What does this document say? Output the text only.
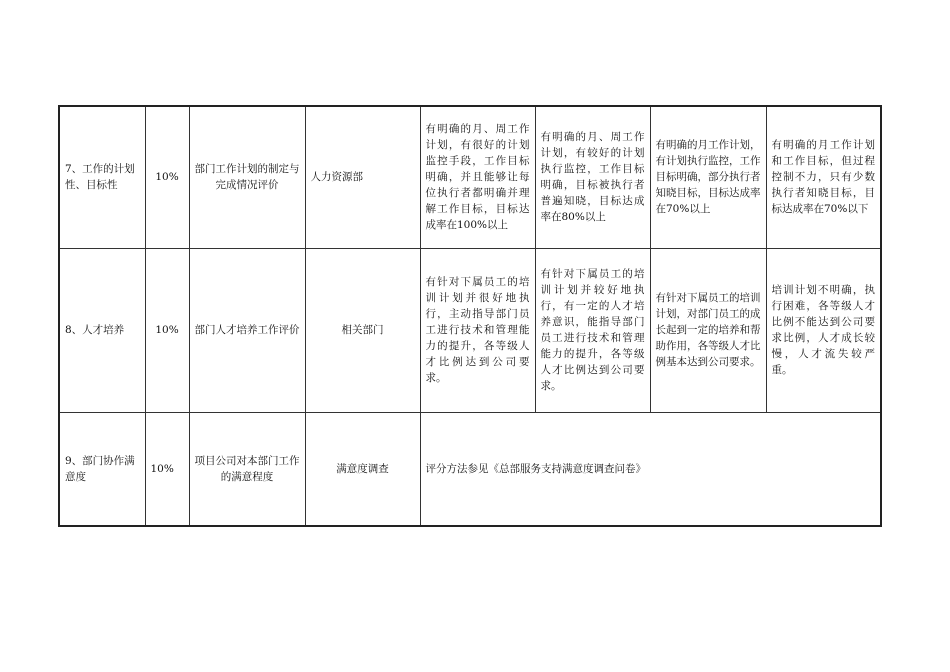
7、工作的计划性、目标性	10%	部门工作计划的制定与完成情况评价	人力资源部	有明确的月、周工作计划，有很好的计划监控手段，工作目标明确，并且能够让每位执行者都明确并理解工作目标，目标达成率在100%以上	有明确的月、周工作计划，有较好的计划执行监控，工作目标明确，目标被执行者普遍知晓，目标达成率在80%以上	有明确的月工作计划，有计划执行监控，工作目标明确，部分执行者知晓目标，目标达成率在70%以上	有明确的月工作计划和工作目标，但过程控制不力，只有少数执行者知晓目标，目标达成率在70%以下
8、人才培养	10%	部门人才培养工作评价	相关部门	有针对下属员工的培训计划并很好地执行，主动指导部门员工进行技术和管理能力的提升，各等级人才比例达到公司要求。	有针对下属员工的培训计划并较好地执行，有一定的人才培养意识，能指导部门员工进行技术和管理能力的提升，各等级人才比例达到公司要求。	有针对下属员工的培训计划，对部门员工的成长起到一定的培养和帮助作用，各等级人才比例基本达到公司要求。	培训计划不明确，执行困难，各等级人才比例不能达到公司要求比例，人才成长较慢，人才流失较严重。
9、部门协作满意度	10%	项目公司对本部门工作的满意程度	满意度调查	评分方法参见《总部服务支持满意度调查问卷》			
